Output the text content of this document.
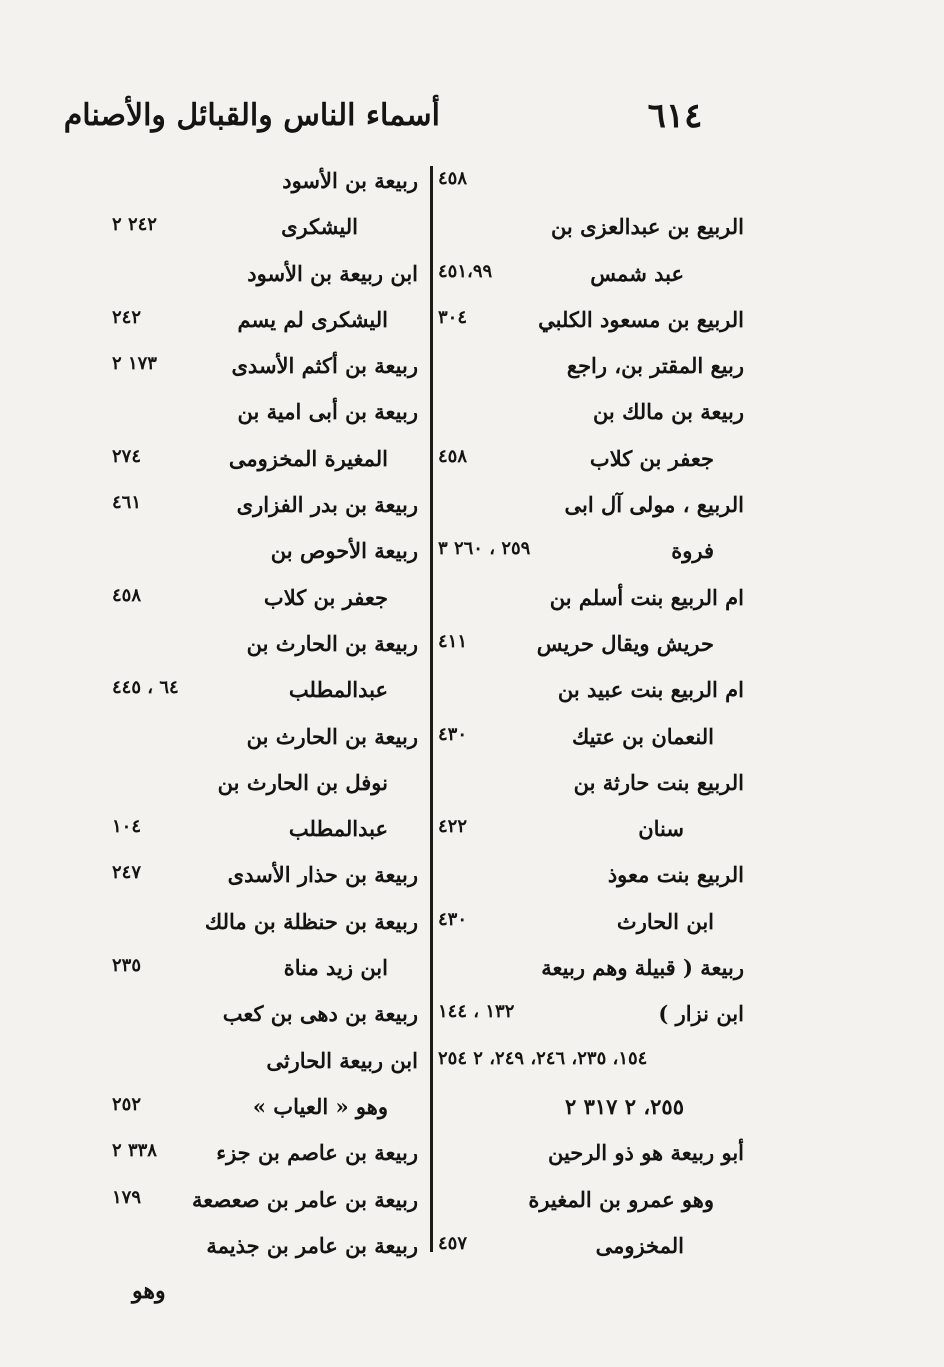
٦١٤
أسماء الناس والقبائل والأصنام
٤٥٨
الربيع بن عبدالعزى بن
عبد شمس
٤٥١،٩٩
الربيع بن مسعود الكلبي
٣٠٤
ربيع المقتر بن، راجع
ربيعة بن مالك بن
جعفر بن كلاب
٤٥٨
الربيع ، مولى آل ابى
فروة
٢٥٩ ، ٢٦٠ ٣
ام الربيع بنت أسلم بن
حريش ويقال حريس
٤١١
ام الربيع بنت عبيد بن
النعمان بن عتيك
٤٣٠
الربيع بنت حارثة بن
سنان
٤٢٢
الربيع بنت معوذ
ابن الحارث
٤٣٠
ربيعة ( قبيلة وهم ربيعة
ابن نزار )
١٣٢ ، ١٤٤
١٥٤، ٢٣٥، ٢٤٦، ٢٤٩، ٢ ٢٥٤
٢٥٥، ٢ ٣١٧ ٢
أبو ربيعة هو ذو الرحين
وهو عمرو بن المغيرة
المخزومى
٤٥٧
ربيعة بن الأسود
اليشكرى
٢٤٢ ٢
ابن ربيعة بن الأسود
اليشكرى لم يسم
٢٤٢
ربيعة بن أكثم الأسدى
١٧٣ ٢
ربيعة بن أبى امية بن
المغيرة المخزومى
٢٧٤
ربيعة بن بدر الفزارى
٤٦١
ربيعة الأحوص بن
جعفر بن كلاب
٤٥٨
ربيعة بن الحارث بن
عبدالمطلب
٦٤ ، ٤٤٥
ربيعة بن الحارث بن
نوفل بن الحارث بن
عبدالمطلب
١٠٤
ربيعة بن حذار الأسدى
٢٤٧
ربيعة بن حنظلة بن مالك
ابن زيد مناة
٢٣٥
ربيعة بن دهى بن كعب
ابن ربيعة الحارثى
وهو « العياب »
٢٥٢
ربيعة بن عاصم بن جزء
٣٣٨ ٢
ربيعة بن عامر بن صعصعة
١٧٩
ربيعة بن عامر بن جذيمة
وهو
